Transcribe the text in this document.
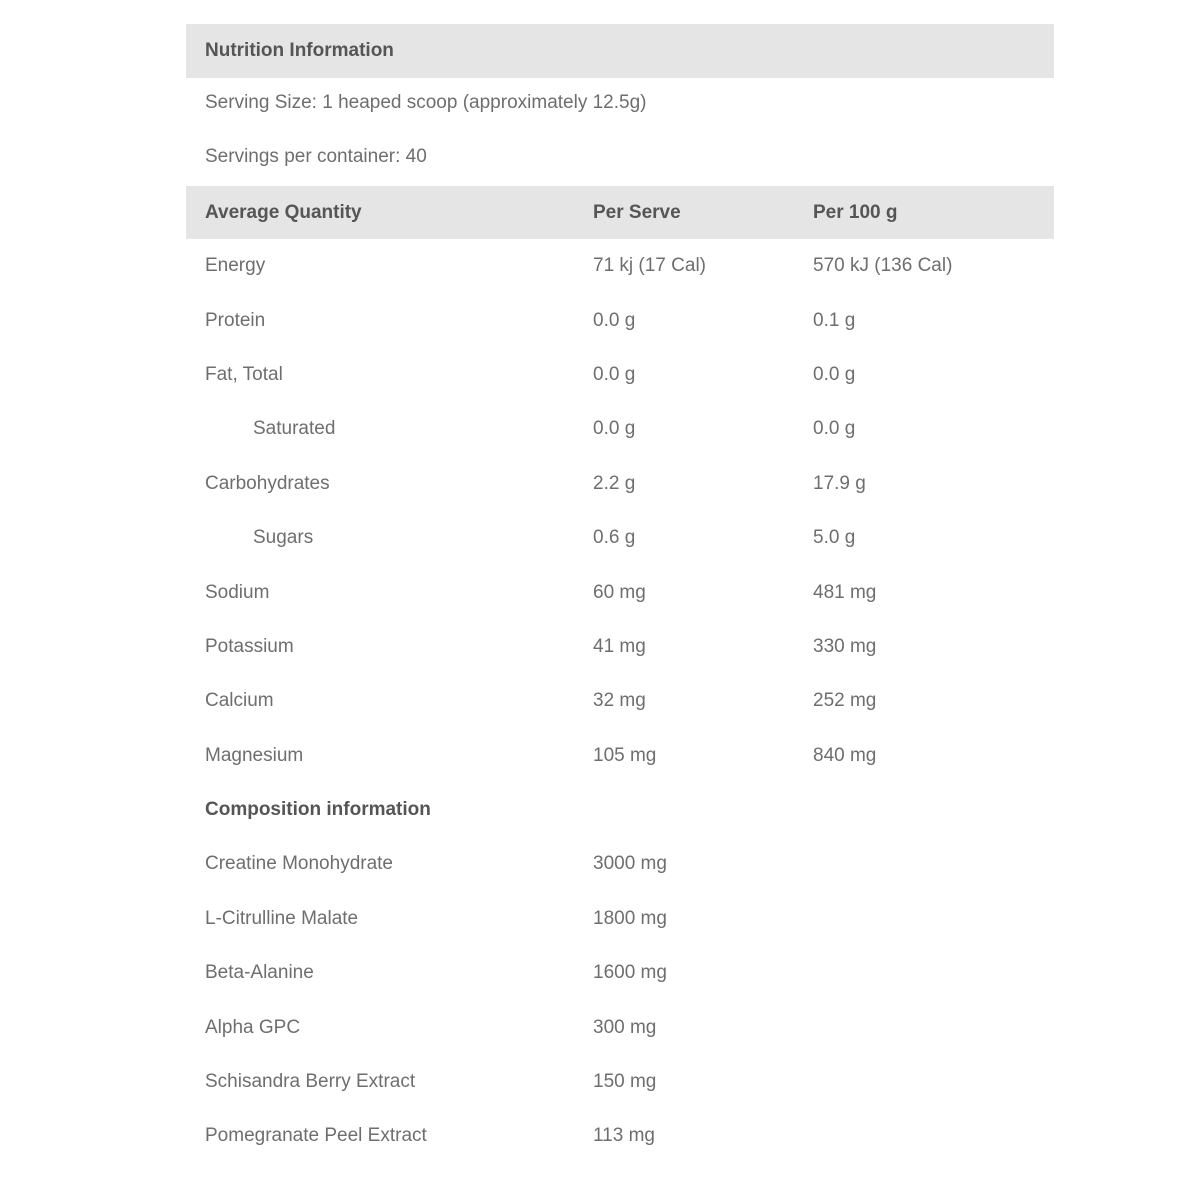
Nutrition Information

Serving Size: 1 heaped scoop (approximately 12.5g)

Servings per container: 40

Average Quantity	Per Serve	Per 100 g
Energy	71 kj (17 Cal)	570 kJ (136 Cal)
Protein	0.0 g	0.1 g
Fat, Total	0.0 g	0.0 g
Saturated	0.0 g	0.0 g
Carbohydrates	2.2 g	17.9 g
Sugars	0.6 g	5.0 g
Sodium	60 mg	481 mg
Potassium	41 mg	330 mg
Calcium	32 mg	252 mg
Magnesium	105 mg	840 mg
Composition information
Creatine Monohydrate	3000 mg
L-Citrulline Malate	1800 mg
Beta-Alanine	1600 mg
Alpha GPC	300 mg
Schisandra Berry Extract	150 mg
Pomegranate Peel Extract	113 mg
